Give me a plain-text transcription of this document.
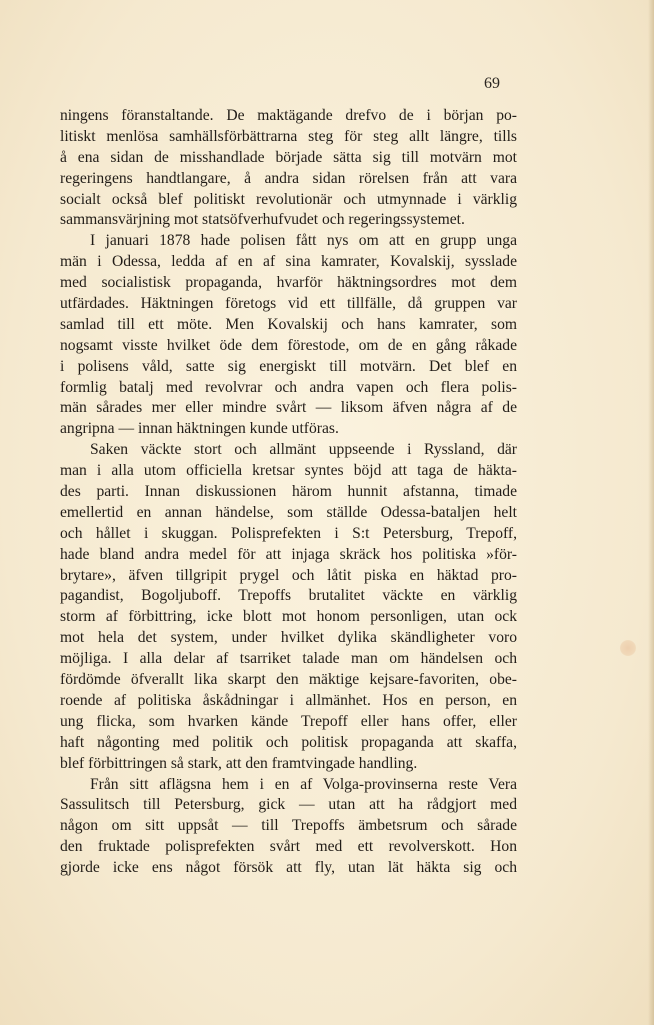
69
ningens föranstaltande. De maktägande drefvo de i början po-
litiskt menlösa samhällsförbättrarna steg för steg allt längre, tills
å ena sidan de misshandlade började sätta sig till motvärn mot
regeringens handtlangare, å andra sidan rörelsen från att vara
socialt också blef politiskt revolutionär och utmynnade i värklig
sammansvärjning mot statsöfverhufvudet och regeringssystemet.
I januari 1878 hade polisen fått nys om att en grupp unga
män i Odessa, ledda af en af sina kamrater, Kovalskij, sysslade
med socialistisk propaganda, hvarför häktningsordres mot dem
utfärdades. Häktningen företogs vid ett tillfälle, då gruppen var
samlad till ett möte. Men Kovalskij och hans kamrater, som
nogsamt visste hvilket öde dem förestode, om de en gång råkade
i polisens våld, satte sig energiskt till motvärn. Det blef en
formlig batalj med revolvrar och andra vapen och flera polis-
män sårades mer eller mindre svårt — liksom äfven några af de
angripna — innan häktningen kunde utföras.
Saken väckte stort och allmänt uppseende i Ryssland, där
man i alla utom officiella kretsar syntes böjd att taga de häkta-
des parti. Innan diskussionen härom hunnit afstanna, timade
emellertid en annan händelse, som ställde Odessa-bataljen helt
och hållet i skuggan. Polisprefekten i S:t Petersburg, Trepoff,
hade bland andra medel för att injaga skräck hos politiska »för-
brytare», äfven tillgripit prygel och låtit piska en häktad pro-
pagandist, Bogoljuboff. Trepoffs brutalitet väckte en värklig
storm af förbittring, icke blott mot honom personligen, utan ock
mot hela det system, under hvilket dylika skändligheter voro
möjliga. I alla delar af tsarriket talade man om händelsen och
fördömde öfverallt lika skarpt den mäktige kejsare-favoriten, obe-
roende af politiska åskådningar i allmänhet. Hos en person, en
ung flicka, som hvarken kände Trepoff eller hans offer, eller
haft någonting med politik och politisk propaganda att skaffa,
blef förbittringen så stark, att den framtvingade handling.
Från sitt aflägsna hem i en af Volga-provinserna reste Vera
Sassulitsch till Petersburg, gick — utan att ha rådgjort med
någon om sitt uppsåt — till Trepoffs ämbetsrum och sårade
den fruktade polisprefekten svårt med ett revolverskott. Hon
gjorde icke ens något försök att fly, utan lät häkta sig och
